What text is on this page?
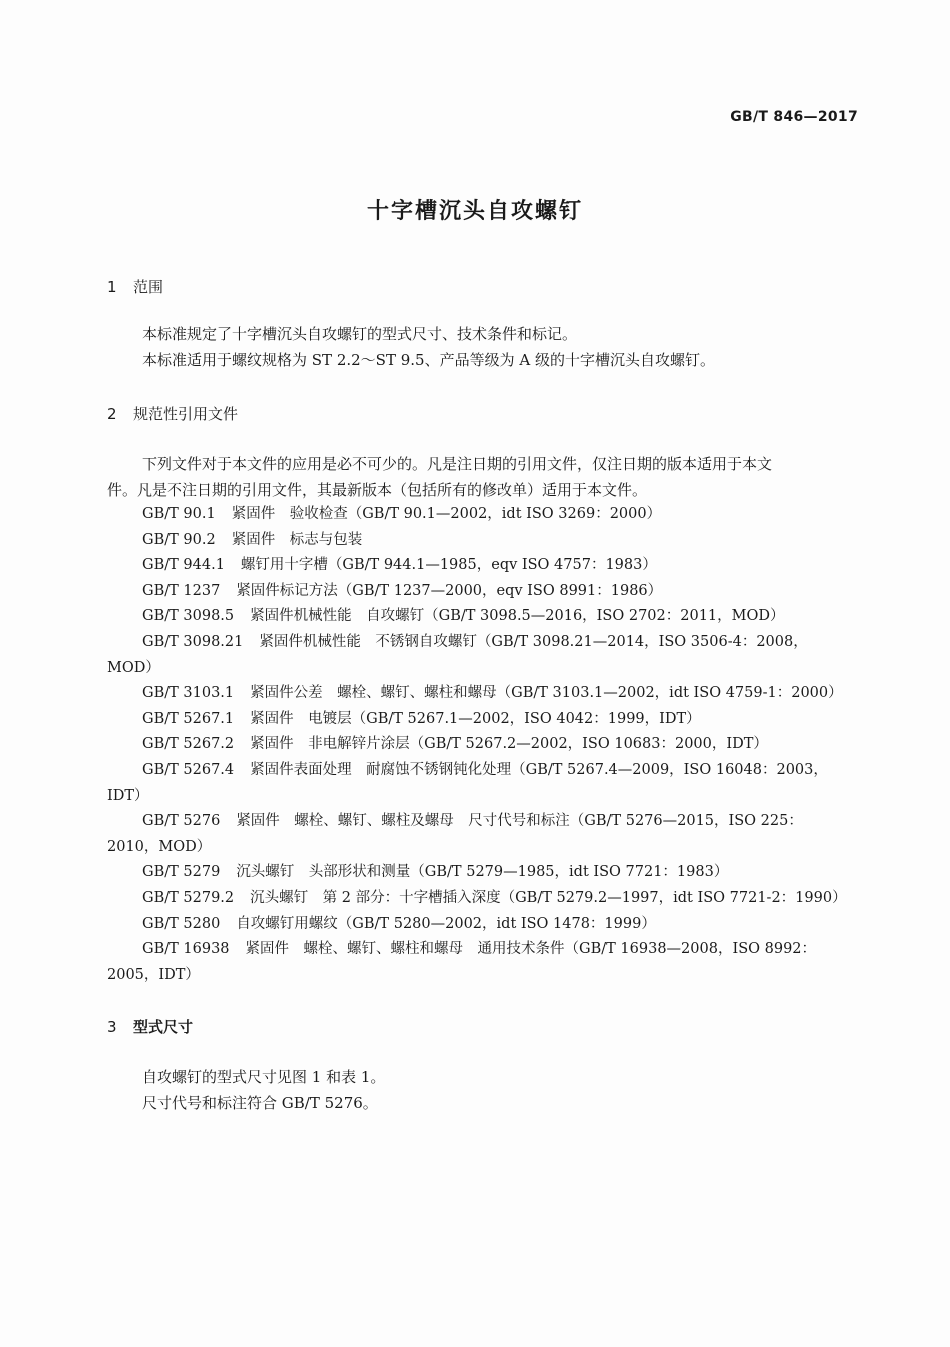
GB/T 846—2017
十字槽沉头自攻螺钉
1 范围
本标准规定了十字槽沉头自攻螺钉的型式尺寸、技术条件和标记。
本标准适用于螺纹规格为 ST 2.2～ST 9.5、产品等级为 A 级的十字槽沉头自攻螺钉。
2 规范性引用文件
下列文件对于本文件的应用是必不可少的。凡是注日期的引用文件，仅注日期的版本适用于本文
件。凡是不注日期的引用文件，其最新版本（包括所有的修改单）适用于本文件。
GB/T 90.1 紧固件　验收检查（GB/T 90.1—2002，idt ISO 3269：2000）
GB/T 90.2 紧固件　标志与包装
GB/T 944.1 螺钉用十字槽（GB/T 944.1—1985，eqv ISO 4757：1983）
GB/T 1237 紧固件标记方法（GB/T 1237—2000，eqv ISO 8991：1986）
GB/T 3098.5 紧固件机械性能　自攻螺钉（GB/T 3098.5—2016，ISO 2702：2011，MOD）
GB/T 3098.21 紧固件机械性能　不锈钢自攻螺钉（GB/T 3098.21—2014，ISO 3506-4：2008，
MOD）
GB/T 3103.1 紧固件公差　螺栓、螺钉、螺柱和螺母（GB/T 3103.1—2002，idt ISO 4759-1：2000）
GB/T 5267.1 紧固件　电镀层（GB/T 5267.1—2002，ISO 4042：1999，IDT）
GB/T 5267.2 紧固件　非电解锌片涂层（GB/T 5267.2—2002，ISO 10683：2000，IDT）
GB/T 5267.4 紧固件表面处理　耐腐蚀不锈钢钝化处理（GB/T 5267.4—2009，ISO 16048：2003，
IDT）
GB/T 5276 紧固件　螺栓、螺钉、螺柱及螺母　尺寸代号和标注（GB/T 5276—2015，ISO 225：
2010，MOD）
GB/T 5279 沉头螺钉　头部形状和测量（GB/T 5279—1985，idt ISO 7721：1983）
GB/T 5279.2 沉头螺钉　第 2 部分：十字槽插入深度（GB/T 5279.2—1997，idt ISO 7721-2：1990）
GB/T 5280 自攻螺钉用螺纹（GB/T 5280—2002，idt ISO 1478：1999）
GB/T 16938 紧固件　螺栓、螺钉、螺柱和螺母　通用技术条件（GB/T 16938—2008，ISO 8992：
2005，IDT）
3 型式尺寸
自攻螺钉的型式尺寸见图 1 和表 1。
尺寸代号和标注符合 GB/T 5276。
